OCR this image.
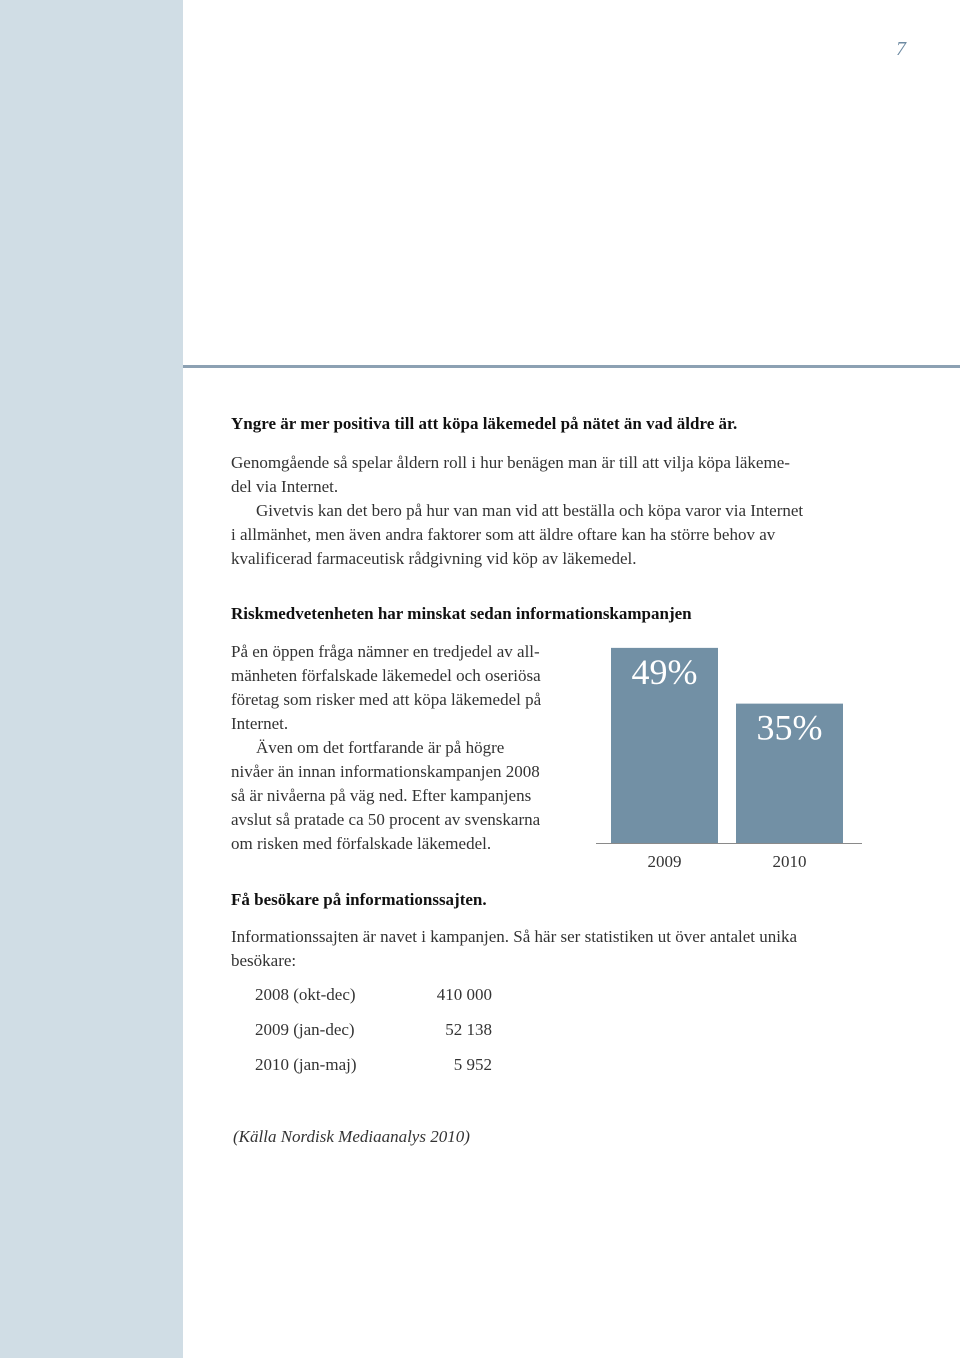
7
Yngre är mer positiva till att köpa läkemedel på nätet än vad äldre är.
Genomgående så spelar åldern roll i hur benägen man är till att vilja köpa läkeme-
del via Internet.
Givetvis kan det bero på hur van man vid att beställa och köpa varor via Internet
i allmänhet, men även andra faktorer som att äldre oftare kan ha större behov av
kvalificerad farmaceutisk rådgivning vid köp av läkemedel.
Riskmedvetenheten har minskat sedan informationskampanjen
På en öppen fråga nämner en tredjedel av all-
mänheten förfalskade läkemedel och oseriösa
företag som risker med att köpa läkemedel på
Internet.
Även om det fortfarande är på högre
nivåer än innan informationskampanjen 2008
så är nivåerna på väg ned. Efter kampanjens
avslut så pratade ca 50 procent av svenskarna
om risken med förfalskade läkemedel.
49%
2009
35%
2010
Få besökare på informationssajten.
Informationssajten är navet i kampanjen. Så här ser statistiken ut över antalet unika
besökare:
2008 (okt-dec)	410 000
2009 (jan-dec)	52 138
2010 (jan-maj)	5 952
(Källa Nordisk Mediaanalys 2010)
